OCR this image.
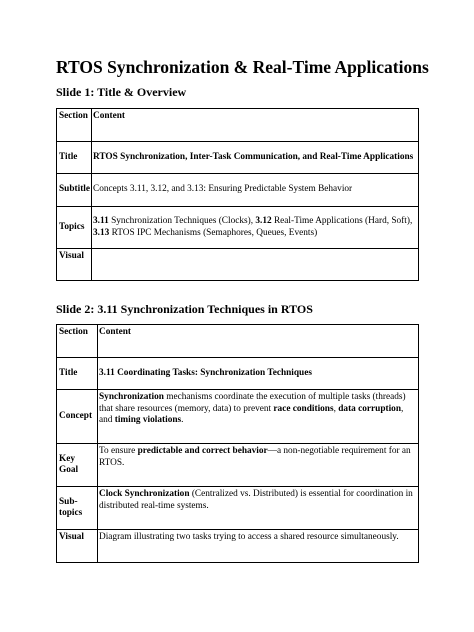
RTOS Synchronization & Real-Time Applications
Slide 1: Title & Overview
Section	Content
Title	RTOS Synchronization, Inter-Task Communication, and Real-Time Applications
Subtitle	Concepts 3.11, 3.12, and 3.13: Ensuring Predictable System Behavior
Topics	3.11 Synchronization Techniques (Clocks), 3.12 Real-Time Applications (Hard, Soft), 3.13 RTOS IPC Mechanisms (Semaphores, Queues, Events)
Visual	
Slide 2: 3.11 Synchronization Techniques in RTOS
Section	Content
Title	3.11 Coordinating Tasks: Synchronization Techniques
Concept	Synchronization mechanisms coordinate the execution of multiple tasks (threads) that share resources (memory, data) to prevent race conditions, data corruption, and timing violations.
Key Goal	To ensure predictable and correct behavior—a non-negotiable requirement for an RTOS.
Sub-topics	Clock Synchronization (Centralized vs. Distributed) is essential for coordination in distributed real-time systems.
Visual	Diagram illustrating two tasks trying to access a shared resource simultaneously.
